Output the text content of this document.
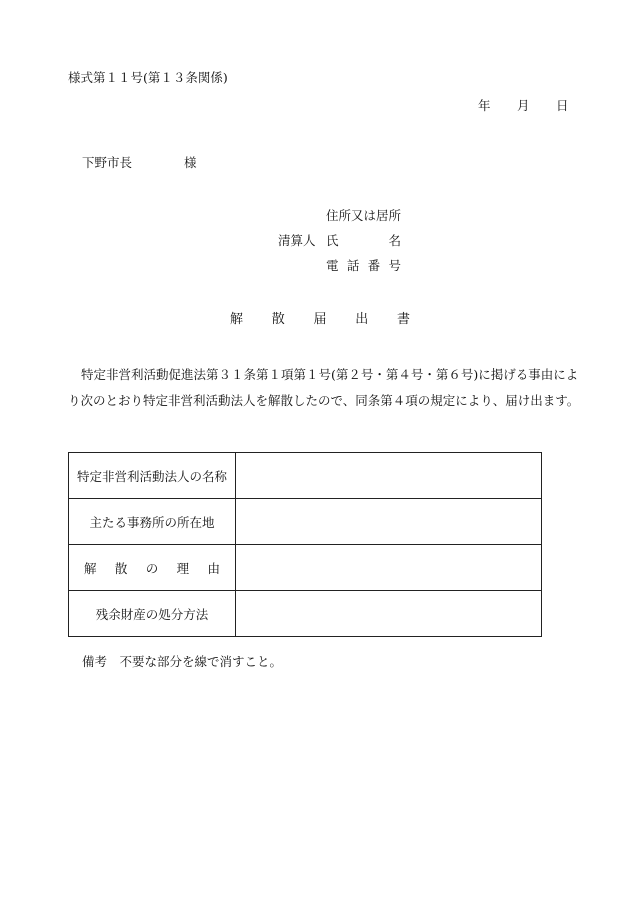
様式第１１号(第１３条関係)
年 月 日
下野市長	様
住所又は居所
清算人 氏	名
電 話 番 号
解 散 届 出 書
特定非営利活動促進法第３１条第１項第１号(第２号・第４号・第６号)に掲げる事由により次のとおり特定非営利活動法人を解散したので、同条第４項の規定により、届け出ます。
特定非営利活動法人の名称	
主たる事務所の所在地	

解 散 の 理 由	

残余財産の処分方法	
備考　不要な部分を線で消すこと。
